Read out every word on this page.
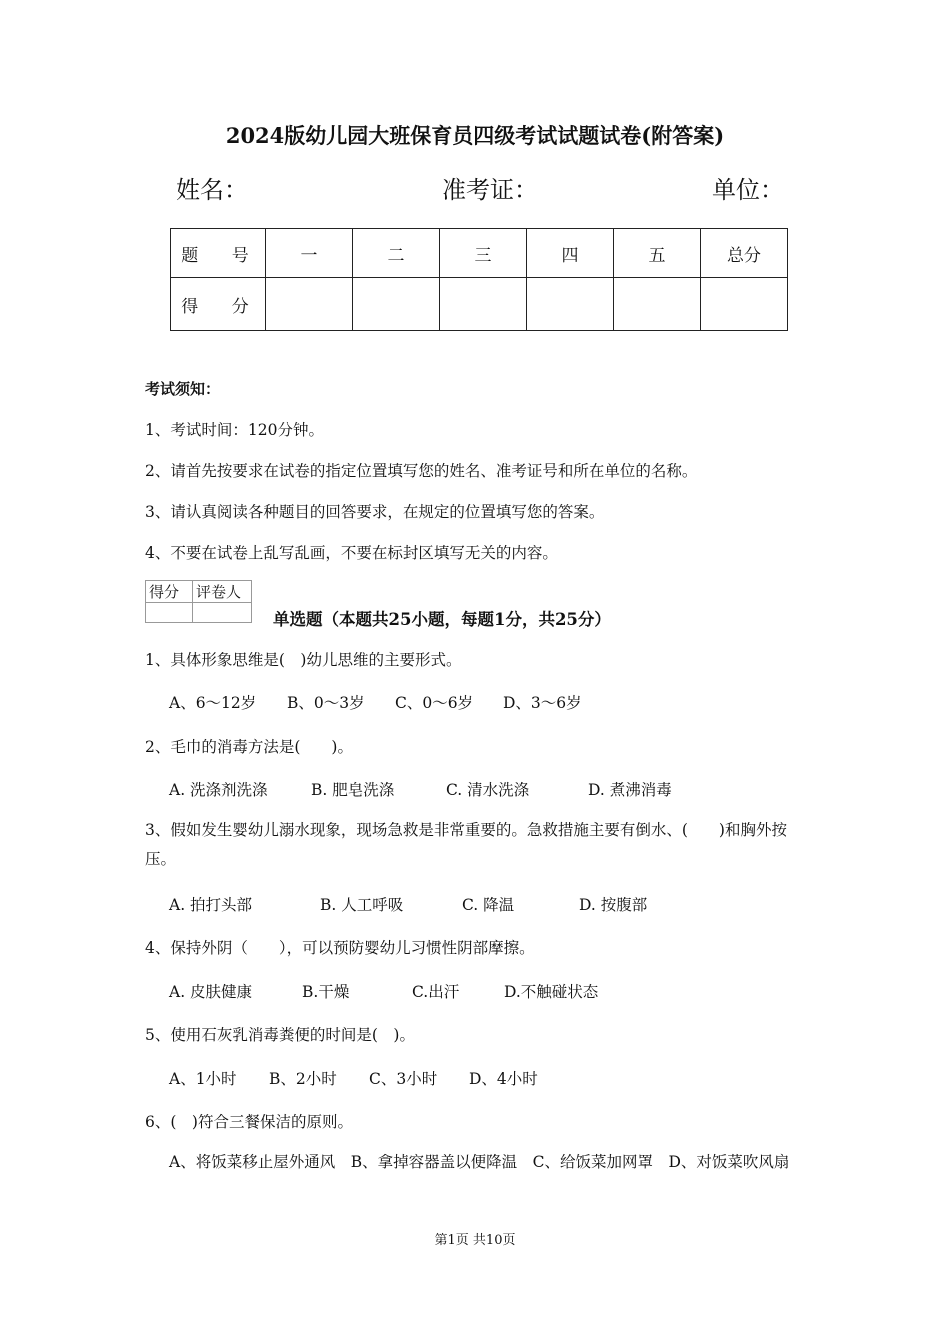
2024版幼儿园大班保育员四级考试试题试卷(附答案)
姓名：	准考证：	单位：
题 号	一	二	三	四	五	总分
得 分						
考试须知：
1、考试时间：120分钟。
2、请首先按要求在试卷的指定位置填写您的姓名、准考证号和所在单位的名称。
3、请认真阅读各种题目的回答要求，在规定的位置填写您的答案。
4、不要在试卷上乱写乱画，不要在标封区填写无关的内容。
得分	评卷人

单选题（本题共25小题，每题1分，共25分）
1、具体形象思维是(　)幼儿思维的主要形式。
A、6～12岁 B、0～3岁 C、0～6岁 D、3～6岁
2、毛巾的消毒方法是(　　)。
A. 洗涤剂洗涤	B. 肥皂洗涤	C. 清水洗涤	D. 煮沸消毒
3、假如发生婴幼儿溺水现象，现场急救是非常重要的。急救措施主要有倒水、(　　)和胸外按压。
A. 拍打头部	B. 人工呼吸	C. 降温	D. 按腹部
4、保持外阴（　　），可以预防婴幼儿习惯性阴部摩擦。
A. 皮肤健康	B.干燥	C.出汗	D.不触碰状态
5、使用石灰乳消毒粪便的时间是(　)。
A、1小时 B、2小时 C、3小时 D、4小时
6、(　)符合三餐保洁的原则。
A、将饭菜移止屋外通风　B、拿掉容器盖以便降温　C、给饭菜加网罩　D、对饭菜吹风扇
第1页 共10页
